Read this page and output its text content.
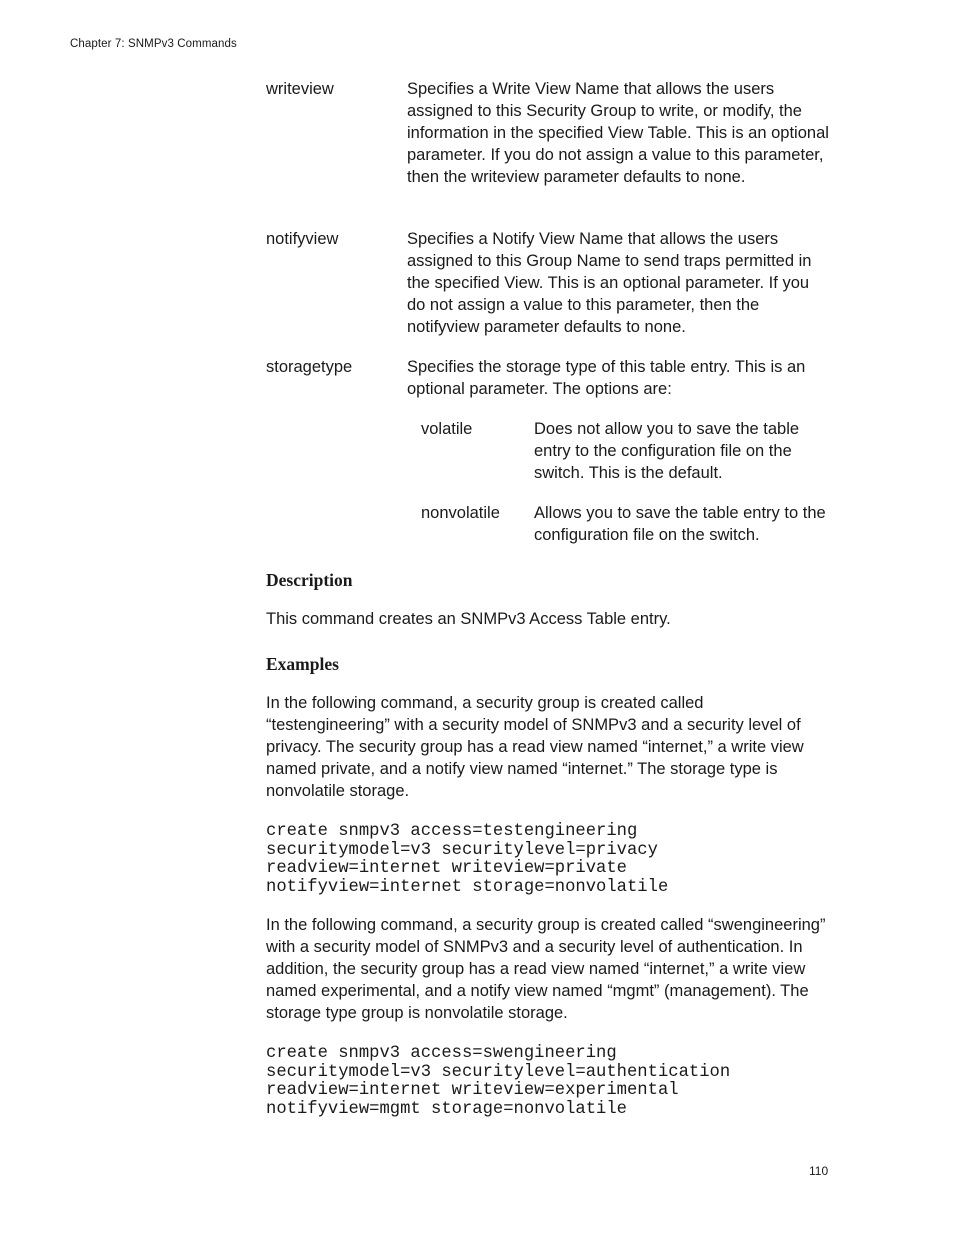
Chapter 7: SNMPv3 Commands
writeview	Specifies a Write View Name that allows the users assigned to this Security Group to write, or modify, the information in the specified View Table. This is an optional parameter. If you do not assign a value to this parameter, then the writeview parameter defaults to none.
notifyview	Specifies a Notify View Name that allows the users assigned to this Group Name to send traps permitted in the specified View. This is an optional parameter. If you do not assign a value to this parameter, then the notifyview parameter defaults to none.
storagetype	Specifies the storage type of this table entry. This is an optional parameter. The options are:
volatile	Does not allow you to save the table entry to the configuration file on the switch. This is the default.
nonvolatile Allows you to save the table entry to the configuration file on the switch.
Description
This command creates an SNMPv3 Access Table entry.
Examples
In the following command, a security group is created called “testengineering” with a security model of SNMPv3 and a security level of privacy. The security group has a read view named “internet,” a write view named private, and a notify view named “internet.” The storage type is nonvolatile storage.
create snmpv3 access=testengineering
securitymodel=v3 securitylevel=privacy
readview=internet writeview=private
notifyview=internet storage=nonvolatile
In the following command, a security group is created called “swengineering” with a security model of SNMPv3 and a security level of authentication. In addition, the security group has a read view named “internet,” a write view named experimental, and a notify view named “mgmt” (management). The storage type group is nonvolatile storage.
create snmpv3 access=swengineering
securitymodel=v3 securitylevel=authentication
readview=internet writeview=experimental
notifyview=mgmt storage=nonvolatile
110
